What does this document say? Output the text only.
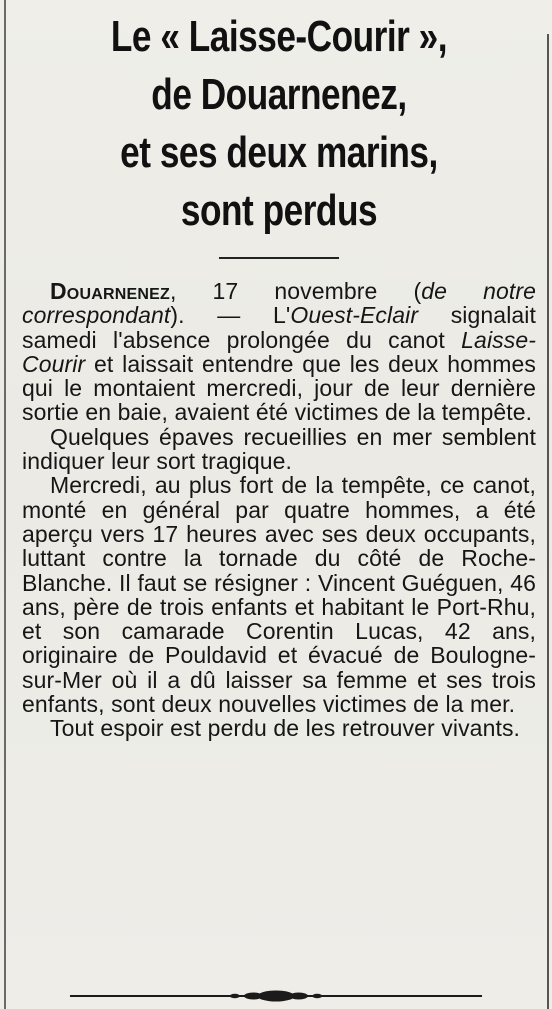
Le « Laisse-Courir »,
de Douarnenez,
et ses deux marins,
sont perdus

Douarnenez, 17 novembre (de notre correspondant). — L'Ouest-Eclair signalait samedi l'absence prolongée du canot Laisse-Courir et laissait entendre que les deux hommes qui le montaient mercredi, jour de leur dernière sortie en baie, avaient été victimes de la tempête.

Quelques épaves recueillies en mer semblent indiquer leur sort tragique.

Mercredi, au plus fort de la tempête, ce canot, monté en général par quatre hommes, a été aperçu vers 17 heures avec ses deux occupants, luttant contre la tornade du côté de Roche-Blanche. Il faut se résigner : Vincent Guéguen, 46 ans, père de trois enfants et habitant le Port-Rhu, et son camarade Corentin Lucas, 42 ans, originaire de Pouldavid et évacué de Boulogne-sur-Mer où il a dû laisser sa femme et ses trois enfants, sont deux nouvelles victimes de la mer.

Tout espoir est perdu de les retrouver vivants.
